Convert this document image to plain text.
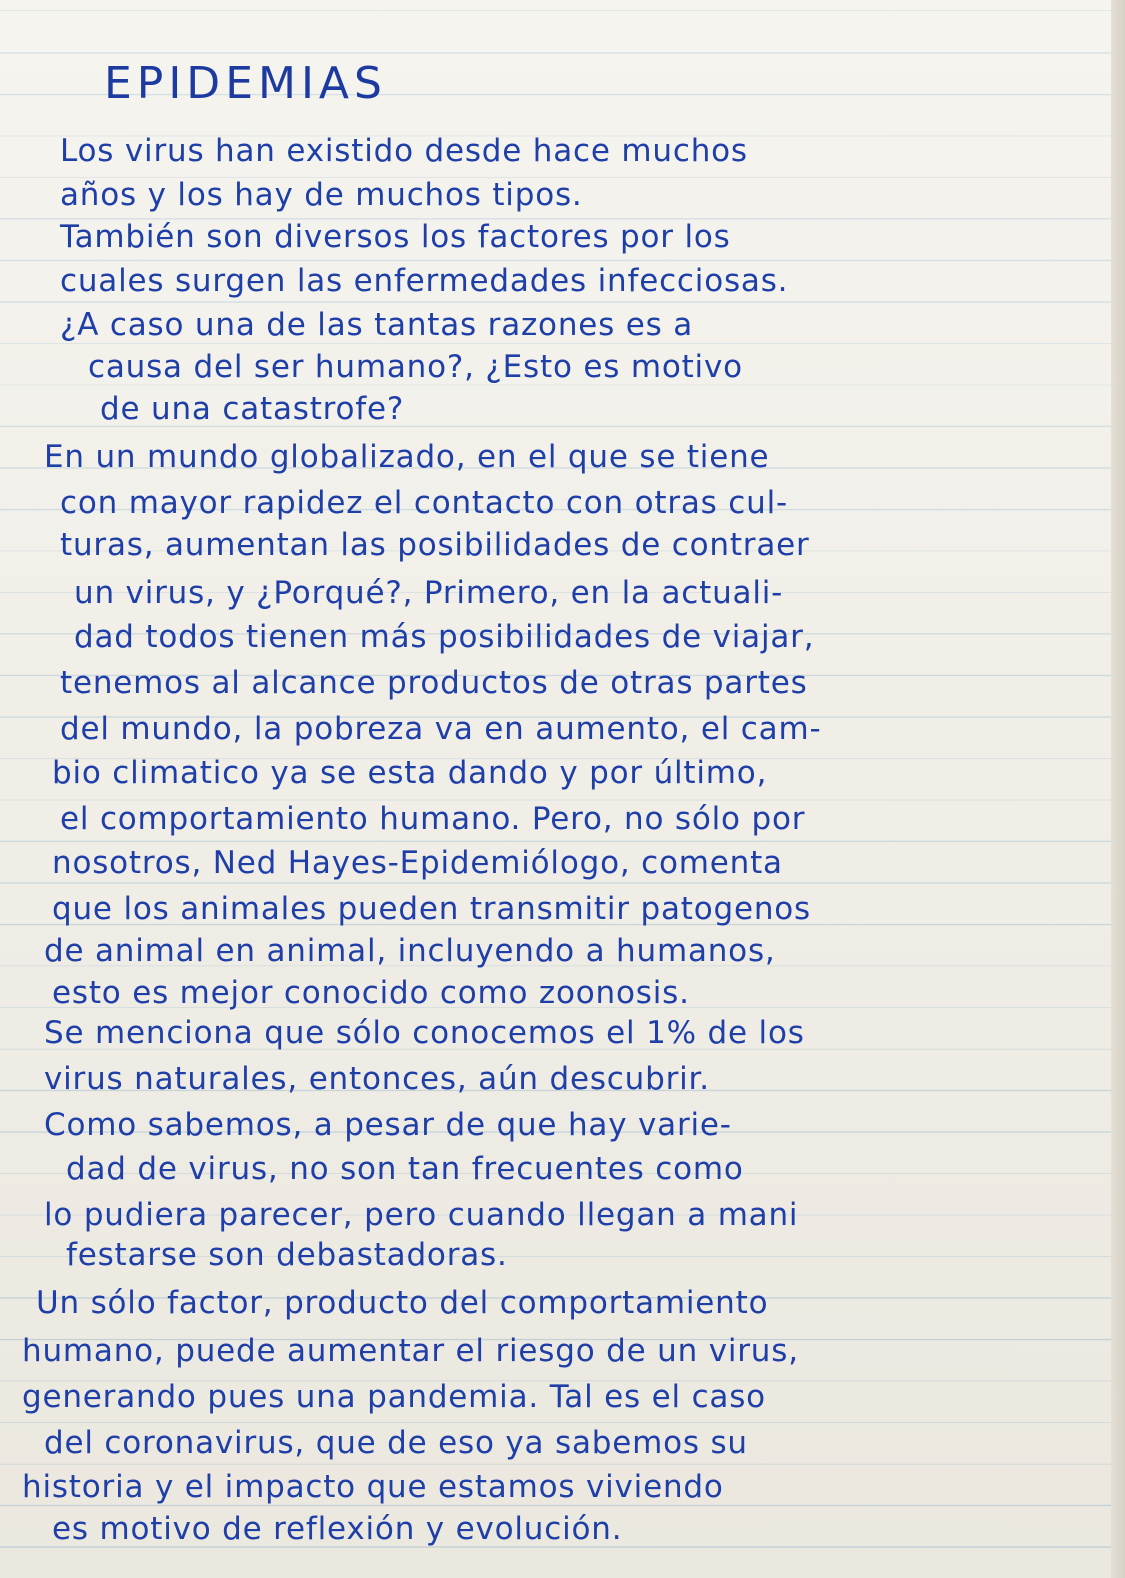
EPIDEMIAS

Los virus han existido desde hace muchos

años y los hay de muchos tipos.

También son diversos los factores por los

cuales surgen las enfermedades infecciosas.

¿A caso una de las tantas razones es a

causa del ser humano?, ¿Esto es motivo

de una catastrofe?

En un mundo globalizado, en el que se tiene

con mayor rapidez el contacto con otras cul-

turas, aumentan las posibilidades de contraer

un virus, y ¿Porqué?, Primero, en la actuali-

dad todos tienen más posibilidades de viajar,

tenemos al alcance productos de otras partes

del mundo, la pobreza va en aumento, el cam-

bio climatico ya se esta dando y por último,

el comportamiento humano. Pero, no sólo por

nosotros, Ned Hayes-Epidemiólogo, comenta

que los animales pueden transmitir patogenos

de animal en animal, incluyendo a humanos,

esto es mejor conocido como zoonosis.

Se menciona que sólo conocemos el 1% de los

virus naturales, entonces, aún descubrir.

Como sabemos, a pesar de que hay varie-

dad de virus, no son tan frecuentes como

lo pudiera parecer, pero cuando llegan a mani

festarse son debastadoras.

Un sólo factor, producto del comportamiento

humano, puede aumentar el riesgo de un virus,

generando pues una pandemia. Tal es el caso

del coronavirus, que de eso ya sabemos su

historia y el impacto que estamos viviendo

es motivo de reflexión y evolución.
